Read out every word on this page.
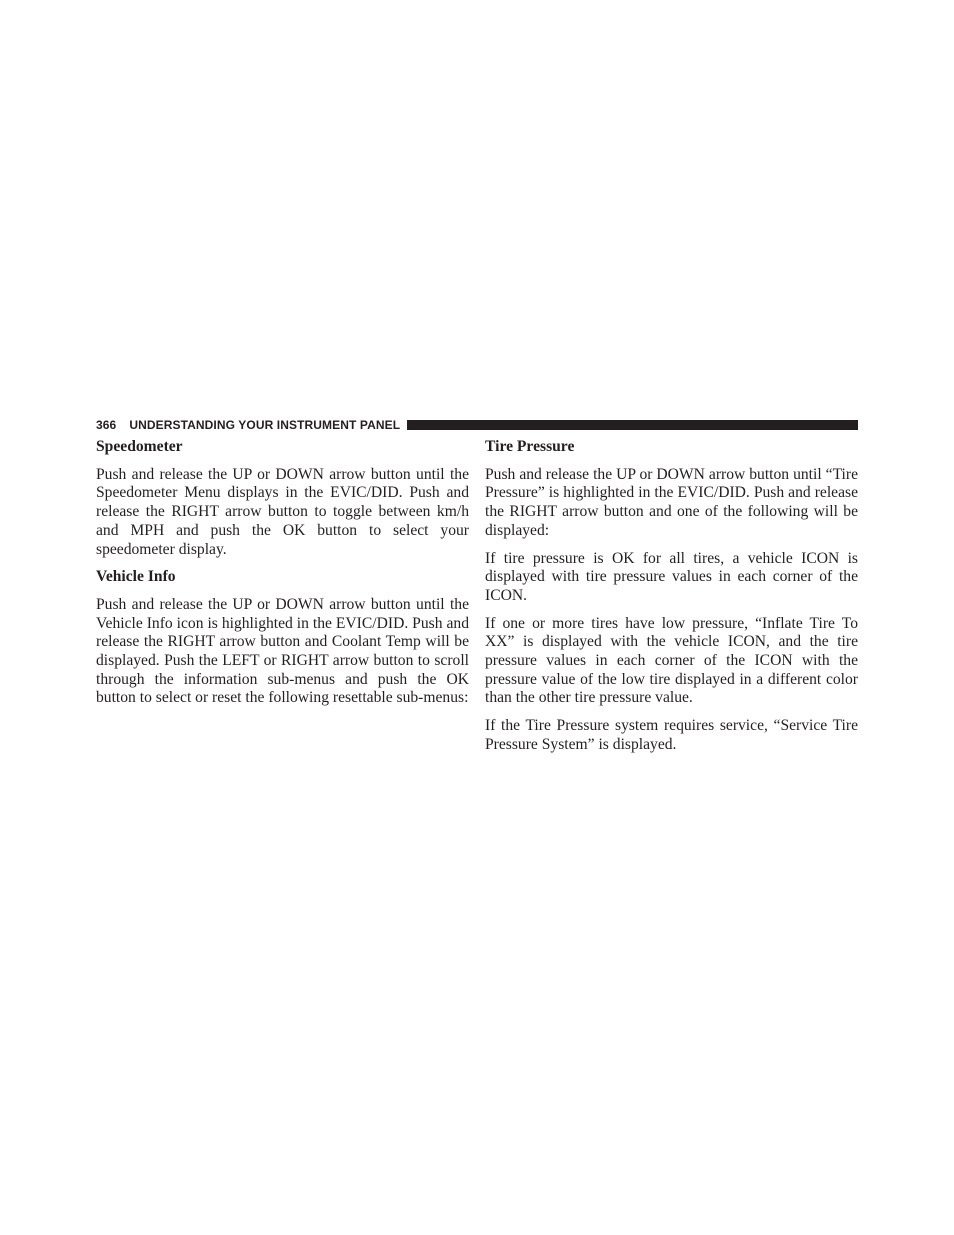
366 UNDERSTANDING YOUR INSTRUMENT PANEL
Speedometer

Push and release the UP or DOWN arrow button until the Speedometer Menu displays in the EVIC/DID. Push and release the RIGHT arrow button to toggle between km/h and MPH and push the OK button to select your speedometer display.

Vehicle Info

Push and release the UP or DOWN arrow button until the Vehicle Info icon is highlighted in the EVIC/DID. Push and release the RIGHT arrow button and Coolant Temp will be displayed. Push the LEFT or RIGHT arrow button to scroll through the information sub-menus and push the OK button to select or reset the following resettable sub-menus:

Tire Pressure

Push and release the UP or DOWN arrow button until “Tire Pressure” is highlighted in the EVIC/DID. Push and release the RIGHT arrow button and one of the following will be displayed:

If tire pressure is OK for all tires, a vehicle ICON is displayed with tire pressure values in each corner of the ICON.

If one or more tires have low pressure, “Inflate Tire To XX” is displayed with the vehicle ICON, and the tire pressure values in each corner of the ICON with the pressure value of the low tire displayed in a different color than the other tire pressure value.

If the Tire Pressure system requires service, “Service Tire Pressure System” is displayed.
